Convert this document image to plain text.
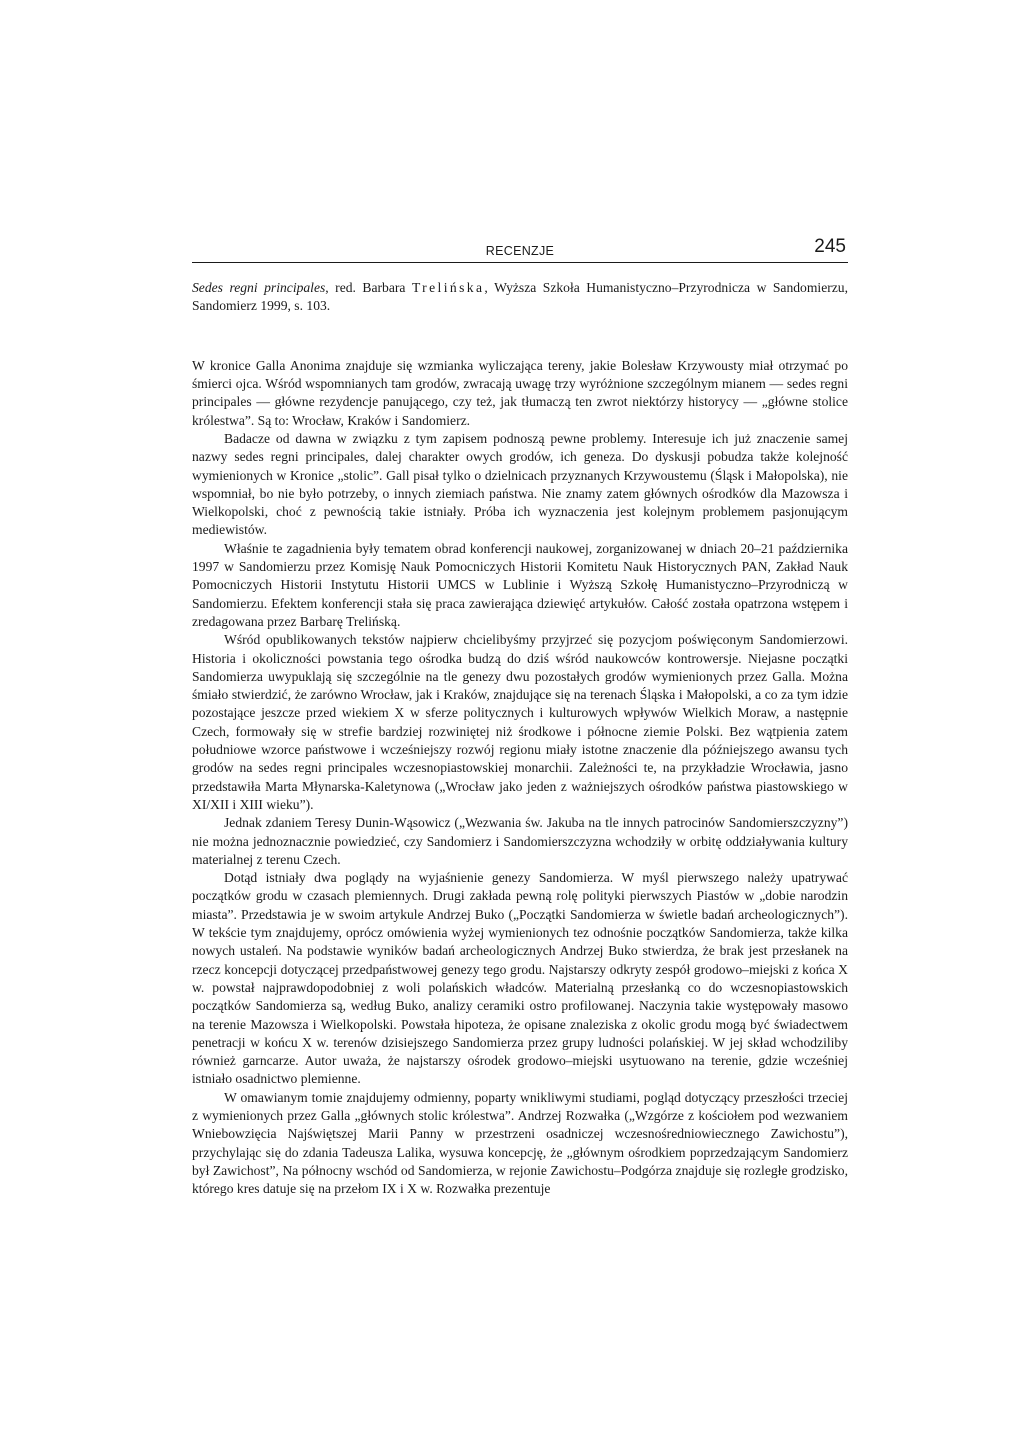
RECENZJE	245
Sedes regni principales, red. Barbara Trelińska, Wyższa Szkoła Humanistyczno–Przyrodnicza w Sandomierzu, Sandomierz 1999, s. 103.

W kronice Galla Anonima znajduje się wzmianka wyliczająca tereny, jakie Bolesław Krzywousty miał otrzymać po śmierci ojca. Wśród wspomnianych tam grodów, zwracają uwagę trzy wyróżnione szczególnym mianem — sedes regni principales — główne rezydencje panującego, czy też, jak tłumaczą ten zwrot niektórzy historycy — „główne stolice królestwa”. Są to: Wrocław, Kraków i Sandomierz.

Badacze od dawna w związku z tym zapisem podnoszą pewne problemy. Interesuje ich już znaczenie samej nazwy sedes regni principales, dalej charakter owych grodów, ich geneza. Do dyskusji pobudza także kolejność wymienionych w Kronice „stolic”. Gall pisał tylko o dzielnicach przyznanych Krzywoustemu (Śląsk i Małopolska), nie wspomniał, bo nie było potrzeby, o innych ziemiach państwa. Nie znamy zatem głównych ośrodków dla Mazowsza i Wielkopolski, choć z pewnością takie istniały. Próba ich wyznaczenia jest kolejnym problemem pasjonującym mediewistów.

Właśnie te zagadnienia były tematem obrad konferencji naukowej, zorganizowanej w dniach 20–21 października 1997 w Sandomierzu przez Komisję Nauk Pomocniczych Historii Komitetu Nauk Historycznych PAN, Zakład Nauk Pomocniczych Historii Instytutu Historii UMCS w Lublinie i Wyższą Szkołę Humanistyczno–Przyrodniczą w Sandomierzu. Efektem konferencji stała się praca zawierająca dziewięć artykułów. Całość została opatrzona wstępem i zredagowana przez Barbarę Trelińską.

Wśród opublikowanych tekstów najpierw chcielibyśmy przyjrzeć się pozycjom poświęconym Sandomierzowi. Historia i okoliczności powstania tego ośrodka budzą do dziś wśród naukowców kontrowersje. Niejasne początki Sandomierza uwypuklają się szczególnie na tle genezy dwu pozostałych grodów wymienionych przez Galla. Można śmiało stwierdzić, że zarówno Wrocław, jak i Kraków, znajdujące się na terenach Śląska i Małopolski, a co za tym idzie pozostające jeszcze przed wiekiem X w sferze politycznych i kulturowych wpływów Wielkich Moraw, a następnie Czech, formowały się w strefie bardziej rozwiniętej niż środkowe i północne ziemie Polski. Bez wątpienia zatem południowe wzorce państwowe i wcześniejszy rozwój regionu miały istotne znaczenie dla późniejszego awansu tych grodów na sedes regni principales wczesnopiastowskiej monarchii. Zależności te, na przykładzie Wrocławia, jasno przedstawiła Marta Młynarska-Kaletynowa („Wrocław jako jeden z ważniejszych ośrodków państwa piastowskiego w XI/XII i XIII wieku”).

Jednak zdaniem Teresy Dunin-Wąsowicz („Wezwania św. Jakuba na tle innych patrocinów Sandomierszczyzny”) nie można jednoznacznie powiedzieć, czy Sandomierz i Sandomierszczyzna wchodziły w orbitę oddziaływania kultury materialnej z terenu Czech.

Dotąd istniały dwa poglądy na wyjaśnienie genezy Sandomierza. W myśl pierwszego należy upatrywać początków grodu w czasach plemiennych. Drugi zakłada pewną rolę polityki pierwszych Piastów w „dobie narodzin miasta”. Przedstawia je w swoim artykule Andrzej Buko („Początki Sandomierza w świetle badań archeologicznych”). W tekście tym znajdujemy, oprócz omówienia wyżej wymienionych tez odnośnie początków Sandomierza, także kilka nowych ustaleń. Na podstawie wyników badań archeologicznych Andrzej Buko stwierdza, że brak jest przesłanek na rzecz koncepcji dotyczącej przedpaństwowej genezy tego grodu. Najstarszy odkryty zespół grodowo–miejski z końca X w. powstał najprawdopodobniej z woli polańskich władców. Materialną przesłanką co do wczesnopiastowskich początków Sandomierza są, według Buko, analizy ceramiki ostro profilowanej. Naczynia takie występowały masowo na terenie Mazowsza i Wielkopolski. Powstała hipoteza, że opisane znaleziska z okolic grodu mogą być świadectwem penetracji w końcu X w. terenów dzisiejszego Sandomierza przez grupy ludności polańskiej. W jej skład wchodziliby również garncarze. Autor uważa, że najstarszy ośrodek grodowo–miejski usytuowano na terenie, gdzie wcześniej istniało osadnictwo plemienne.

W omawianym tomie znajdujemy odmienny, poparty wnikliwymi studiami, pogląd dotyczący przeszłości trzeciej z wymienionych przez Galla „głównych stolic królestwa”. Andrzej Rozwałka („Wzgórze z kościołem pod wezwaniem Wniebowzięcia Najświętszej Marii Panny w przestrzeni osadniczej wczesnośredniowiecznego Zawichostu”), przychylając się do zdania Tadeusza Lalika, wysuwa koncepcję, że „głównym ośrodkiem poprzedzającym Sandomierz był Zawichost”, Na północny wschód od Sandomierza, w rejonie Zawichostu–Podgórza znajduje się rozległe grodzisko, którego kres datuje się na przełom IX i X w. Rozwałka prezentuje
